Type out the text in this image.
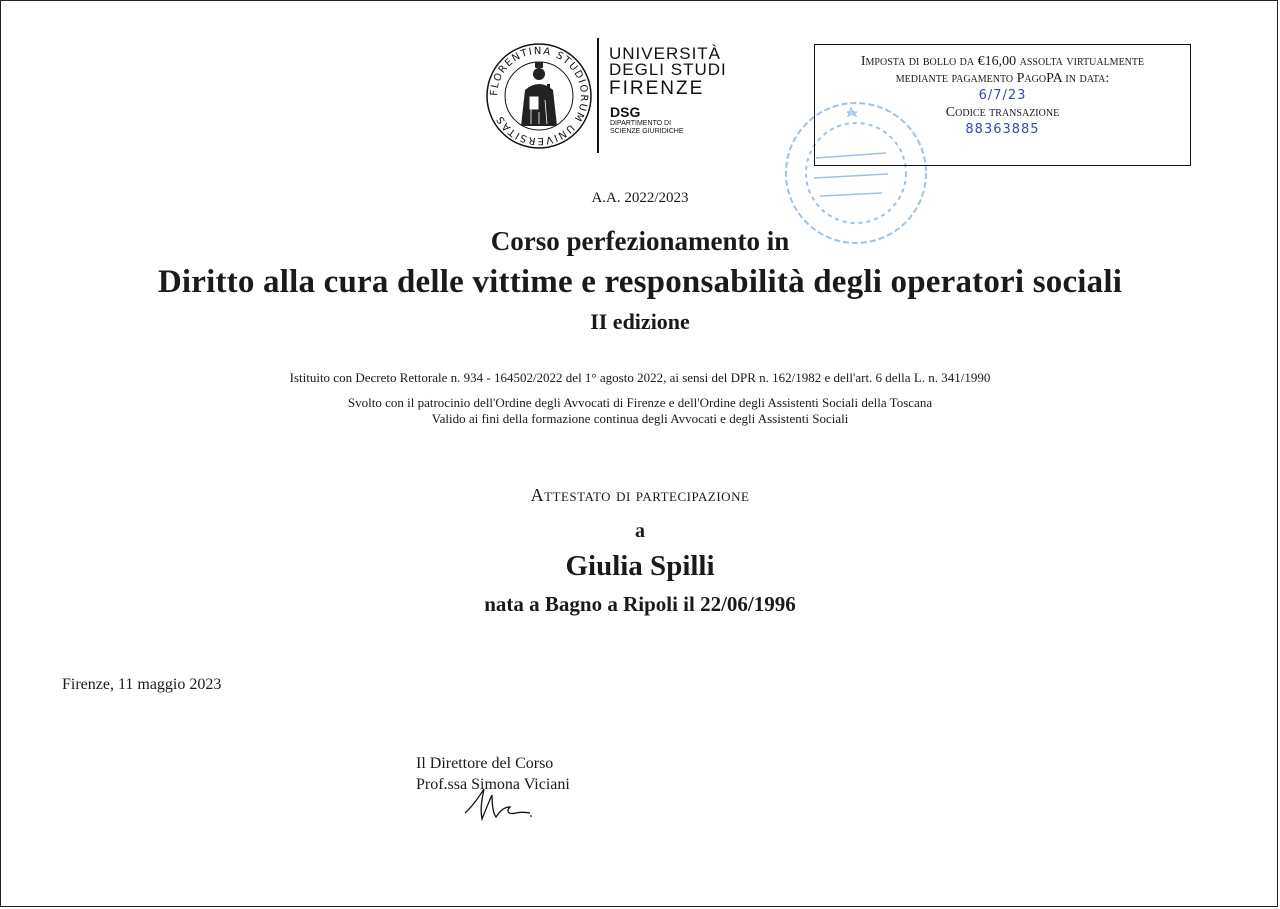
FLORENTINA STUDIORUM UNIVERSITAS
UNIVERSITÀ
DEGLI STUDI
FIRENZE
DSG
DIPARTIMENTO DI
SCIENZE GIURIDICHE
Imposta di bollo da €16,00 assolta virtualmente
mediante pagamento PagoPA in data:
6/7/23
Codice transazione
88363885
A.A. 2022/2023
Corso perfezionamento in
Diritto alla cura delle vittime e responsabilità degli operatori sociali
II edizione
Istituito con Decreto Rettorale n. 934 - 164502/2022 del 1° agosto 2022, ai sensi del DPR n. 162/1982 e dell'art. 6 della L. n. 341/1990
Svolto con il patrocinio dell'Ordine degli Avvocati di Firenze e dell'Ordine degli Assistenti Sociali della Toscana
Valido ai fini della formazione continua degli Avvocati e degli Assistenti Sociali
Attestato di partecipazione
a
Giulia Spilli
nata a Bagno a Ripoli il 22/06/1996
Firenze, 11 maggio 2023
Il Direttore del Corso
Prof.ssa Simona Viciani
